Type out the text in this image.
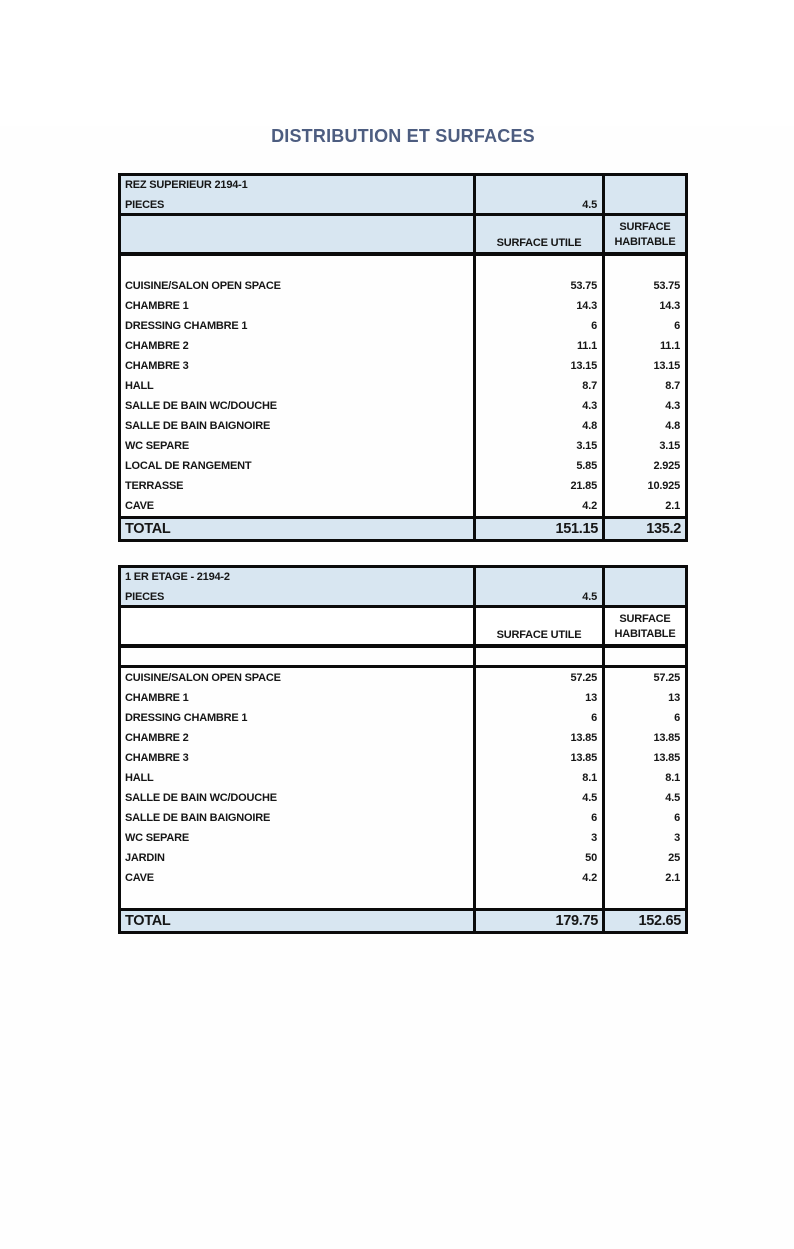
DISTRIBUTION ET SURFACES
REZ SUPERIEUR 2194-1
PIECES	4.5
SURFACE UTILE
SURFACE HABITABLE
CUISINE/SALON OPEN SPACE	53.75	53.75
CHAMBRE 1	14.3	14.3
DRESSING CHAMBRE 1	6	6
CHAMBRE 2	11.1	11.1
CHAMBRE 3	13.15	13.15
HALL	8.7	8.7
SALLE DE BAIN WC/DOUCHE	4.3	4.3
SALLE DE BAIN BAIGNOIRE	4.8	4.8
WC SEPARE	3.15	3.15
LOCAL DE RANGEMENT	5.85	2.925
TERRASSE	21.85	10.925
CAVE	4.2	2.1
TOTAL	151.15	135.2
1 ER ETAGE - 2194-2
PIECES	4.5
SURFACE UTILE
SURFACE HABITABLE
CUISINE/SALON OPEN SPACE	57.25	57.25
CHAMBRE 1	13	13
DRESSING CHAMBRE 1	6	6
CHAMBRE 2	13.85	13.85
CHAMBRE 3	13.85	13.85
HALL	8.1	8.1
SALLE DE BAIN WC/DOUCHE	4.5	4.5
SALLE DE BAIN BAIGNOIRE	6	6
WC SEPARE	3	3
JARDIN	50	25
CAVE	4.2	2.1
TOTAL	179.75	152.65
